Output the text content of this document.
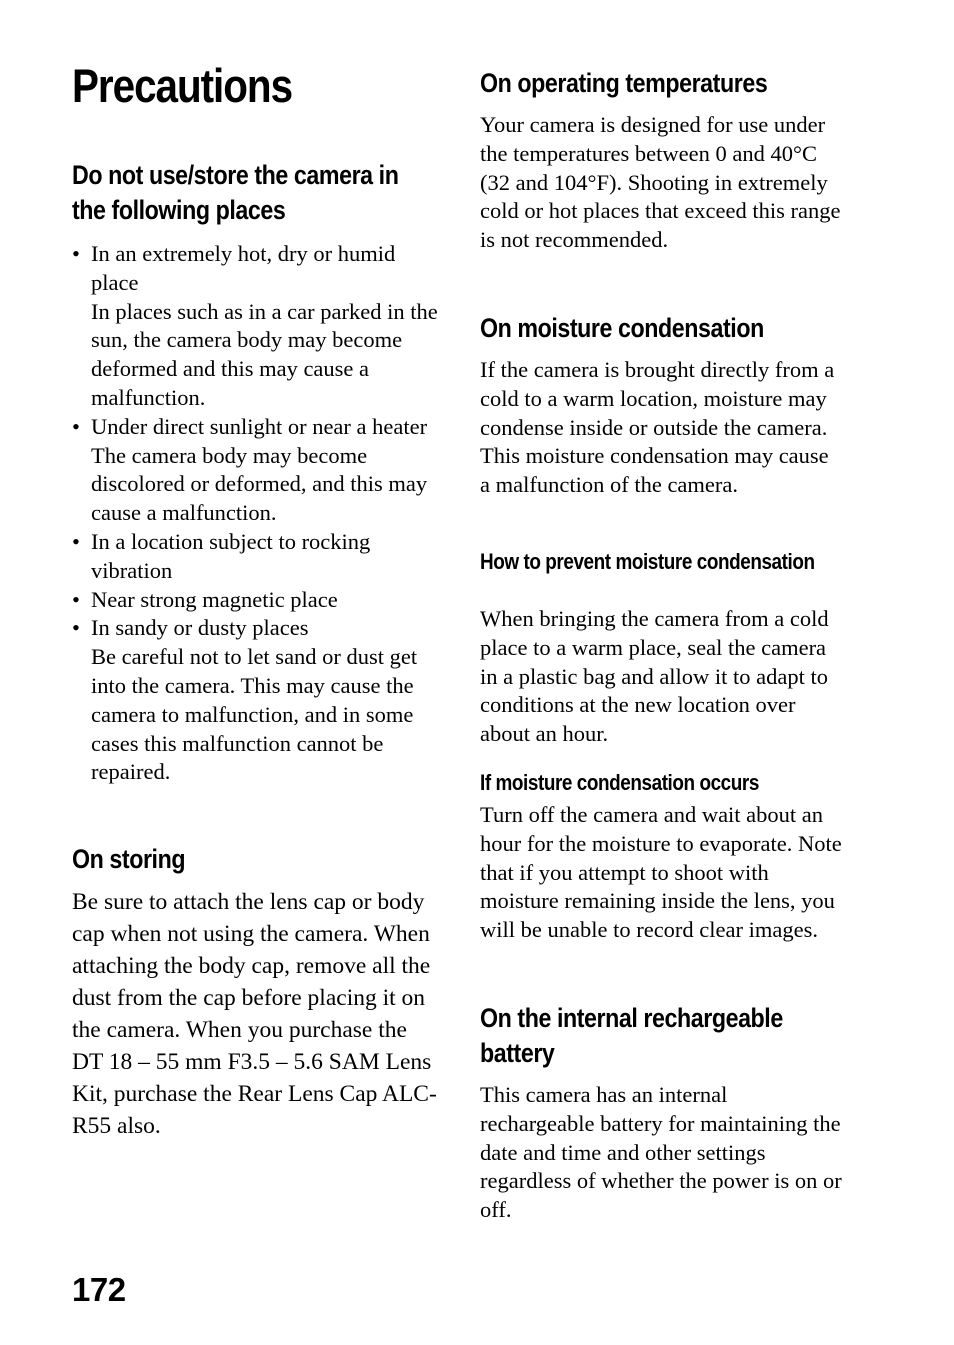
Precautions
Do not use/store the camera in the following places
• In an extremely hot, dry or humid place
In places such as in a car parked in the sun, the camera body may become deformed and this may cause a malfunction.
• Under direct sunlight or near a heater
The camera body may become discolored or deformed, and this may cause a malfunction.
• In a location subject to rocking vibration
• Near strong magnetic place
• In sandy or dusty places
Be careful not to let sand or dust get into the camera. This may cause the camera to malfunction, and in some cases this malfunction cannot be repaired.
On storing

Be sure to attach the lens cap or body cap when not using the camera. When attaching the body cap, remove all the dust from the cap before placing it on the camera. When you purchase the DT 18 – 55 mm F3.5 – 5.6 SAM Lens Kit, purchase the Rear Lens Cap ALC-R55 also.

On operating temperatures

Your camera is designed for use under the temperatures between 0 and 40°C (32 and 104°F). Shooting in extremely cold or hot places that exceed this range is not recommended.

On moisture condensation

If the camera is brought directly from a cold to a warm location, moisture may condense inside or outside the camera. This moisture condensation may cause a malfunction of the camera.

How to prevent moisture condensation

When bringing the camera from a cold place to a warm place, seal the camera in a plastic bag and allow it to adapt to conditions at the new location over about an hour.

If moisture condensation occurs

Turn off the camera and wait about an hour for the moisture to evaporate. Note that if you attempt to shoot with moisture remaining inside the lens, you will be unable to record clear images.

On the internal rechargeable battery

This camera has an internal rechargeable battery for maintaining the date and time and other settings regardless of whether the power is on or off.

172
